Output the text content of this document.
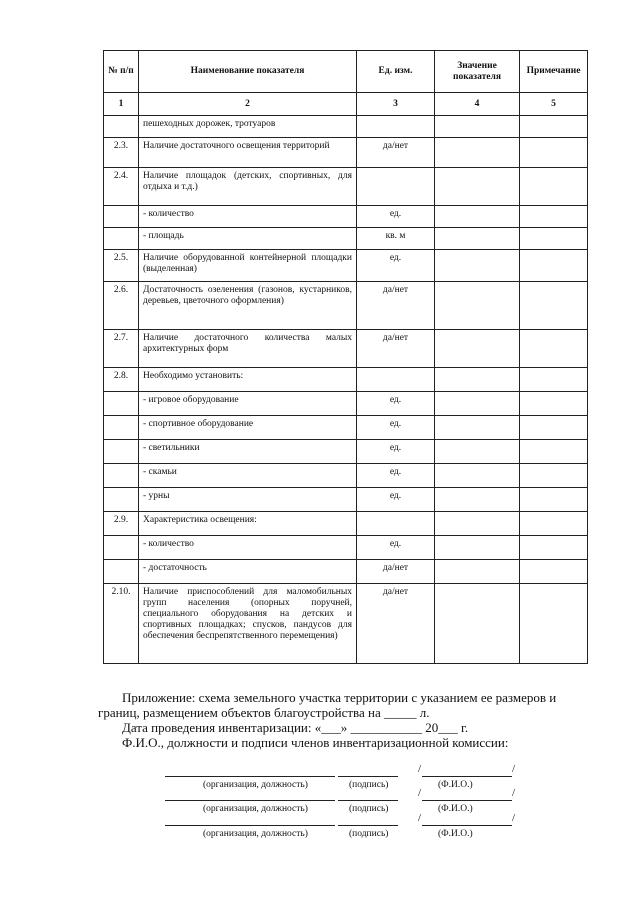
№ п/п	Наименование показателя	Ед. изм.	Значение показателя	Примечание
1	2	3	4	5
	пешеходных дорожек, тротуаров			
2.3.	Наличие достаточного освещения территорий	да/нет		
2.4.	Наличие площадок (детских, спортивных, для отдыха и т.д.)			
	- количество	ед.		
	- площадь	кв. м		
2.5.	Наличие оборудованной контейнерной площадки (выделенная)	ед.		
2.6.	Достаточность озеленения (газонов, кустарников, деревьев, цветочного оформления)	да/нет		
2.7.	Наличие достаточного количества малых архитектурных форм	да/нет		
2.8.	Необходимо установить:			
	- игровое оборудование	ед.		
	- спортивное оборудование	ед.		
	- светильники	ед.		
	- скамьи	ед.		
	- урны	ед.		
2.9.	Характеристика освещения:			
	- количество	ед.		
	- достаточность	да/нет		
2.10.	Наличие приспособлений для маломобильных групп населения (опорных поручней, специального оборудования на детских и спортивных площадках; спусков, пандусов для обеспечения беспрепятственного перемещения)	да/нет		

Приложение: схема земельного участка территории с указанием ее размеров и границ, размещением объектов благоустройства на _____ л.

Дата проведения инвентаризации: «___» ___________ 20___ г.

Ф.И.О., должности и подписи членов инвентаризационной комиссии:

(организация, должность)	(подпись)
/	/
(Ф.И.О.)
(организация, должность)	(подпись)
/	/
(Ф.И.О.)
(организация, должность)	(подпись)
/	/
(Ф.И.О.)
